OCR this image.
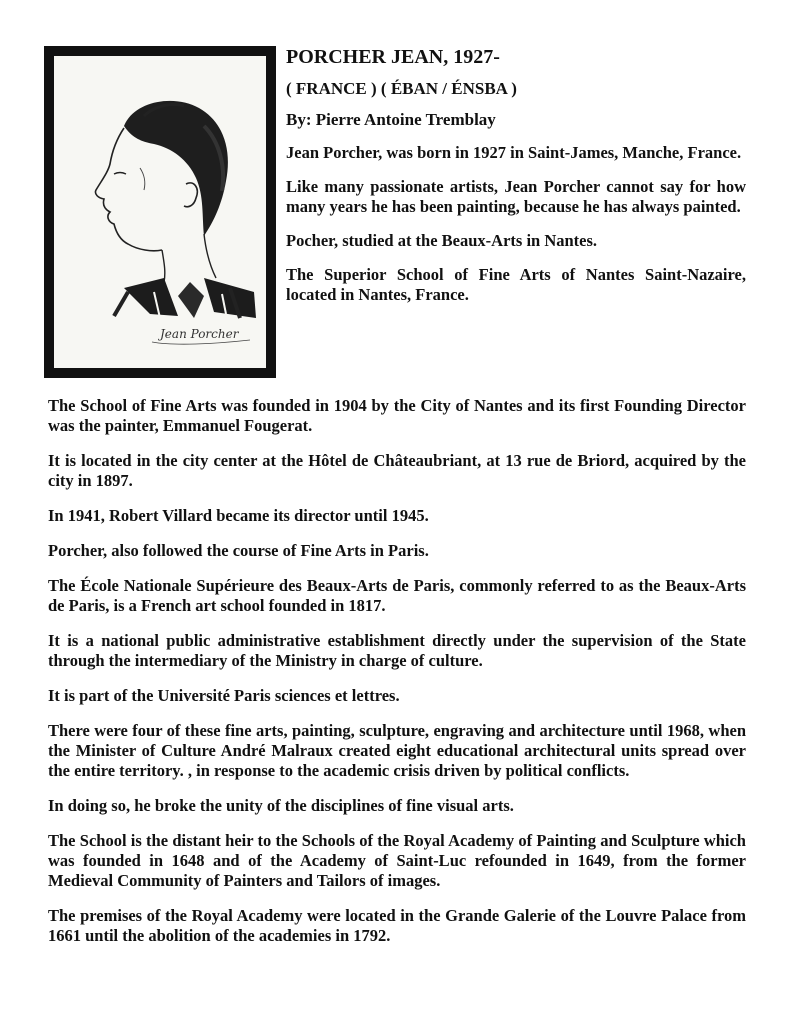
Jean Porcher
PORCHER JEAN, 1927-
( FRANCE ) ( ÉBAN / ÉNSBA )
By: Pierre Antoine Tremblay

Jean Porcher, was born in 1927 in Saint-James, Manche, France.

Like many passionate artists, Jean Porcher cannot say for how many years he has been painting, because he has always painted.

Pocher, studied at the Beaux-Arts in Nantes.

The Superior School of Fine Arts of Nantes Saint-Nazaire, located in Nantes, France.

The School of Fine Arts was founded in 1904 by the City of Nantes and its first Founding Director was the painter, Emmanuel Fougerat.

It is located in the city center at the Hôtel de Châteaubriant, at 13 rue de Briord, acquired by the city in 1897.

In 1941, Robert Villard became its director until 1945.

Porcher, also followed the course of Fine Arts in Paris.

The École Nationale Supérieure des Beaux-Arts de Paris, commonly referred to as the Beaux-Arts de Paris, is a French art school founded in 1817.

It is a national public administrative establishment directly under the supervision of the State through the intermediary of the Ministry in charge of culture.

It is part of the Université Paris sciences et lettres.

There were four of these fine arts, painting, sculpture, engraving and architecture until 1968, when the Minister of Culture André Malraux created eight educational architectural units spread over the entire territory. , in response to the academic crisis driven by political conflicts.

In doing so, he broke the unity of the disciplines of fine visual arts.

The School is the distant heir to the Schools of the Royal Academy of Painting and Sculpture which was founded in 1648 and of the Academy of Saint-Luc refounded in 1649, from the former Medieval Community of Painters and Tailors of images.

The premises of the Royal Academy were located in the Grande Galerie of the Louvre Palace from 1661 until the abolition of the academies in 1792.
